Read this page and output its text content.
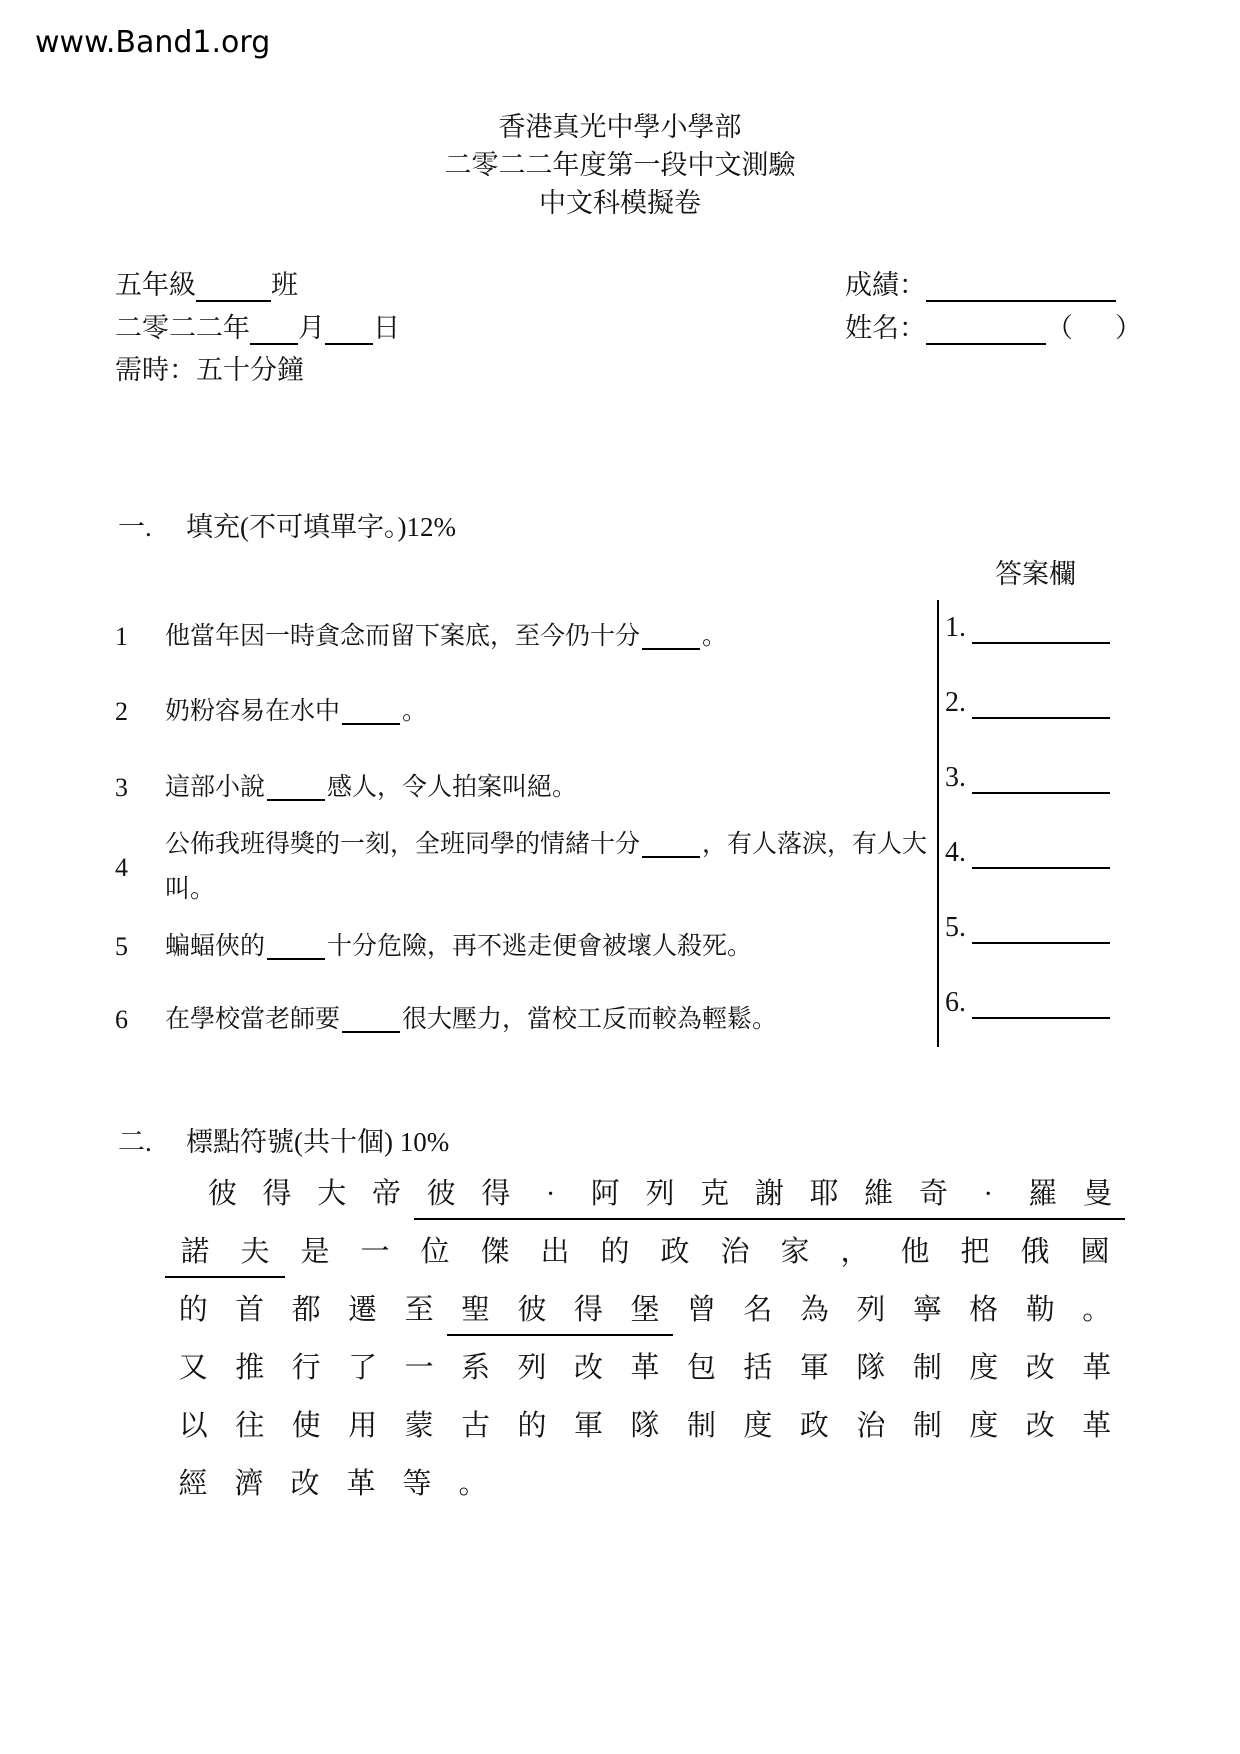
www.Band1.org
香港真光中學小學部
二零二二年度第一段中文測驗
中文科模擬卷
五年級	班
二零二二年 月 日
需時：五十分鐘
成績：
姓名：	（ ）
一. 填充(不可填單字。)12%
答案欄
1	他當年因一時貪念而留下案底，至今仍十分 。
2	奶粉容易在水中 。
3	這部小說 感人，令人拍案叫絕。
4
公佈我班得獎的一刻，全班同學的情緒十分 ，有人落淚，有人大叫。
5	蝙蝠俠的 十分危險，再不逃走便會被壞人殺死。
6	在學校當老師要 很大壓力，當校工反而較為輕鬆。
1.
2.
3.
4.
5.
6.
二. 標點符號(共十個) 10%
彼 得 大 帝 彼 得	·	阿 列 克 謝 耶 維 奇	·	羅 曼
諾	夫	是	一	位	傑	出	的	政	治	家	，	他	把	俄	國
的 首 都 遷 至 聖 彼 得 堡 曾 名 為 列 寧 格 勒 。
又 推 行 了 一 系 列 改 革 包 括 軍 隊 制 度 改 革
以 往 使 用 蒙 古 的 軍 隊 制 度 政 治 制 度 改 革
經 濟 改 革 等 。
